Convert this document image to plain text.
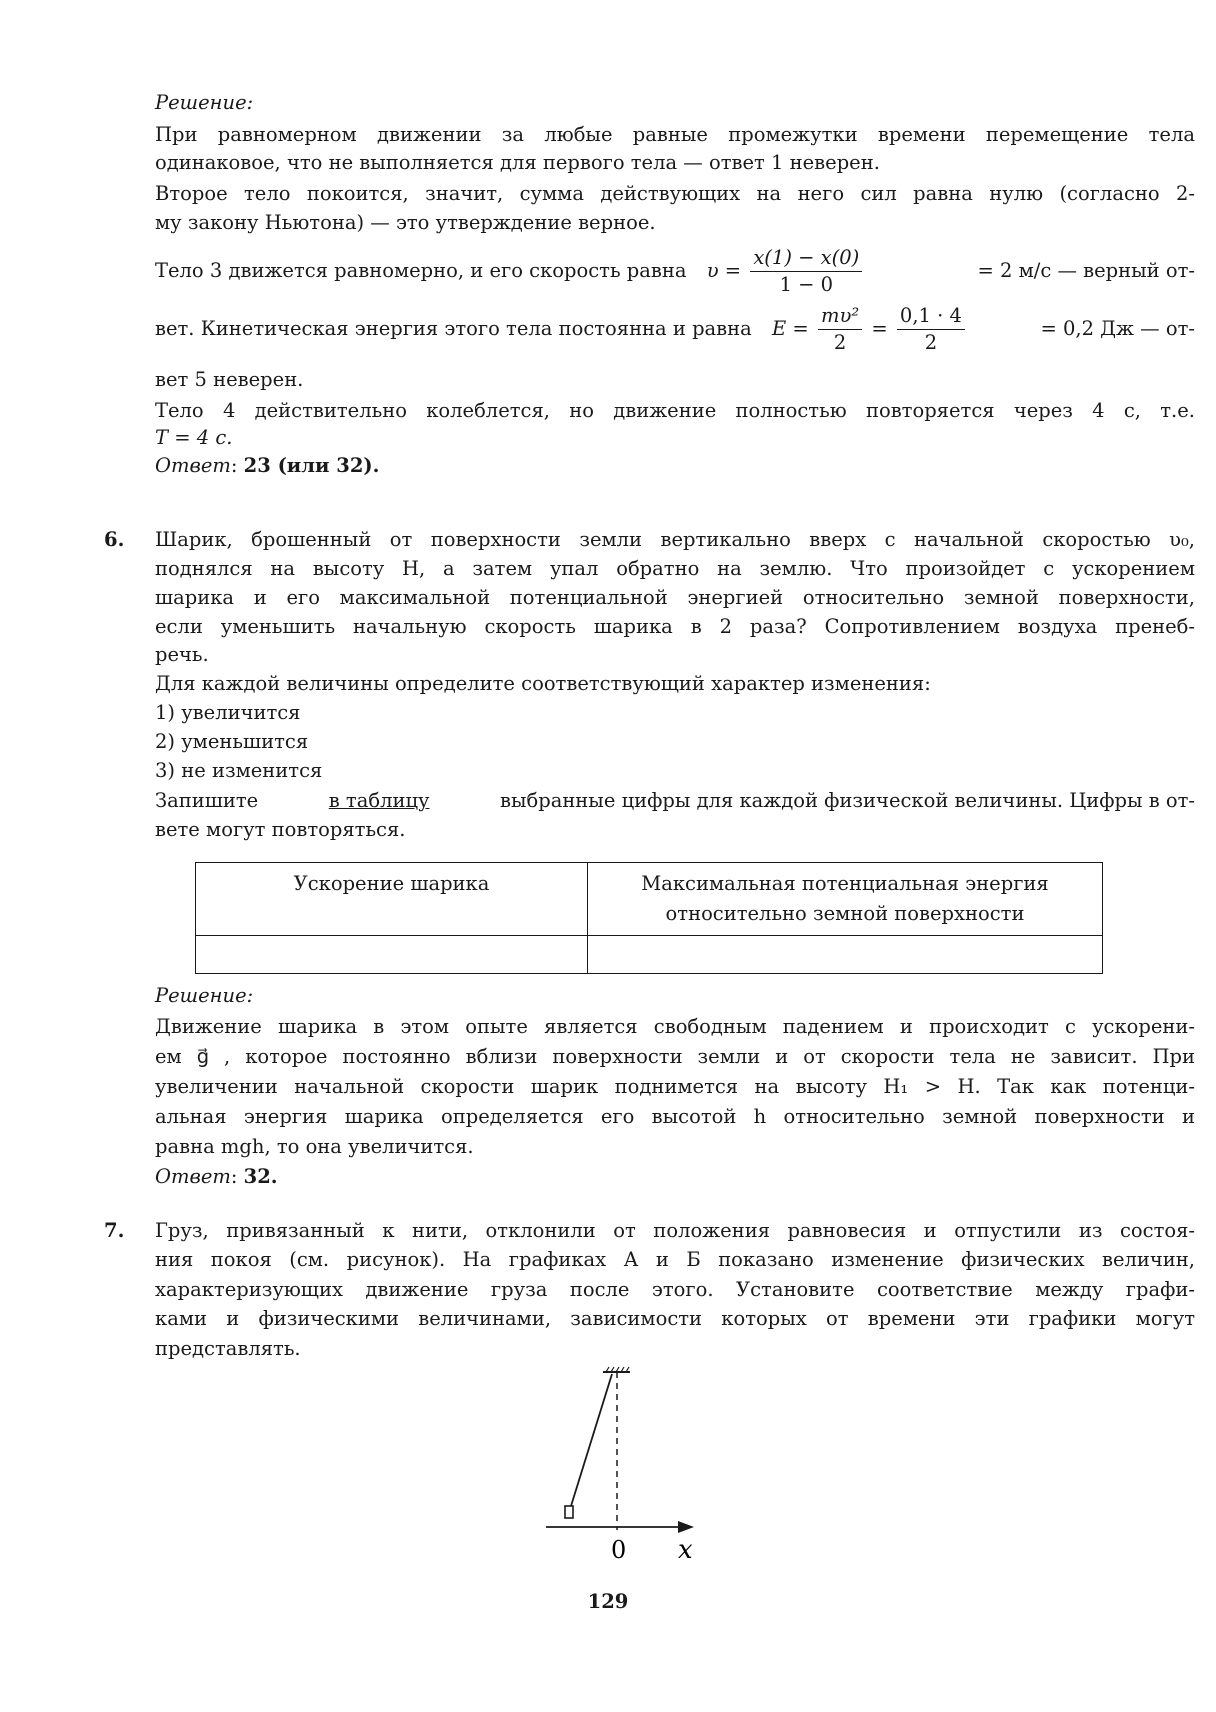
Решение:
При равномерном движении за любые равные промежутки времени перемещение тела
одинаковое, что не выполняется для первого тела — ответ 1 неверен.
Второе тело покоится, значит, сумма действующих на него сил равна нулю (согласно 2-
му закону Ньютона) — это утверждение верное.
Тело 3 движется равномерно, и его скорость равна $\upsilon = \frac{x(1) - x(0)}{1 - 0}$	= 2 м/с — верный от-
вет. Кинетическая энергия этого тела постоянна и равна $E = \frac{\text{mυ²}}{2} = \frac{0,1 \cdot 4}{2}$	= 0,2 Дж — от-
вет 5 неверен.
Тело 4 действительно колеблется, но движение полностью повторяется через 4 с, т.е.
T = 4 с.
Ответ: 23 (или 32).
6. Шарик, брошенный от поверхности земли вертикально вверх с начальной скоростью υ₀,
поднялся на высоту H, а затем упал обратно на землю. Что произойдет с ускорением
шарика и его максимальной потенциальной энергией относительно земной поверхности,
если уменьшить начальную скорость шарика в 2 раза? Сопротивлением воздуха пренеб-
речь.
Для каждой величины определите соответствующий характер изменения:
1) увеличится
2) уменьшится
3) не изменится
Запишите	в таблицу	выбранные цифры для каждой физической величины. Цифры в от-
вете могут повторяться.
Ускорение шарика	Максимальная потенциальная энергия
относительно земной поверхности

Решение:
Движение шарика в этом опыте является свободным падением и происходит с ускорени-
ем g⃗ , которое постоянно вблизи поверхности земли и от скорости тела не зависит. При
увеличении начальной скорости шарик поднимется на высоту H₁ > H. Так как потенци-
альная энергия шарика определяется его высотой h относительно земной поверхности и
равна mgh, то она увеличится.
Ответ: 32.
7. Груз, привязанный к нити, отклонили от положения равновесия и отпустили из состоя-
ния покоя (см. рисунок). На графиках А и Б показано изменение физических величин,
характеризующих движение груза после этого. Установите соответствие между графи-
ками и физическими величинами, зависимости которых от времени эти графики могут
представлять.
0 x
129
